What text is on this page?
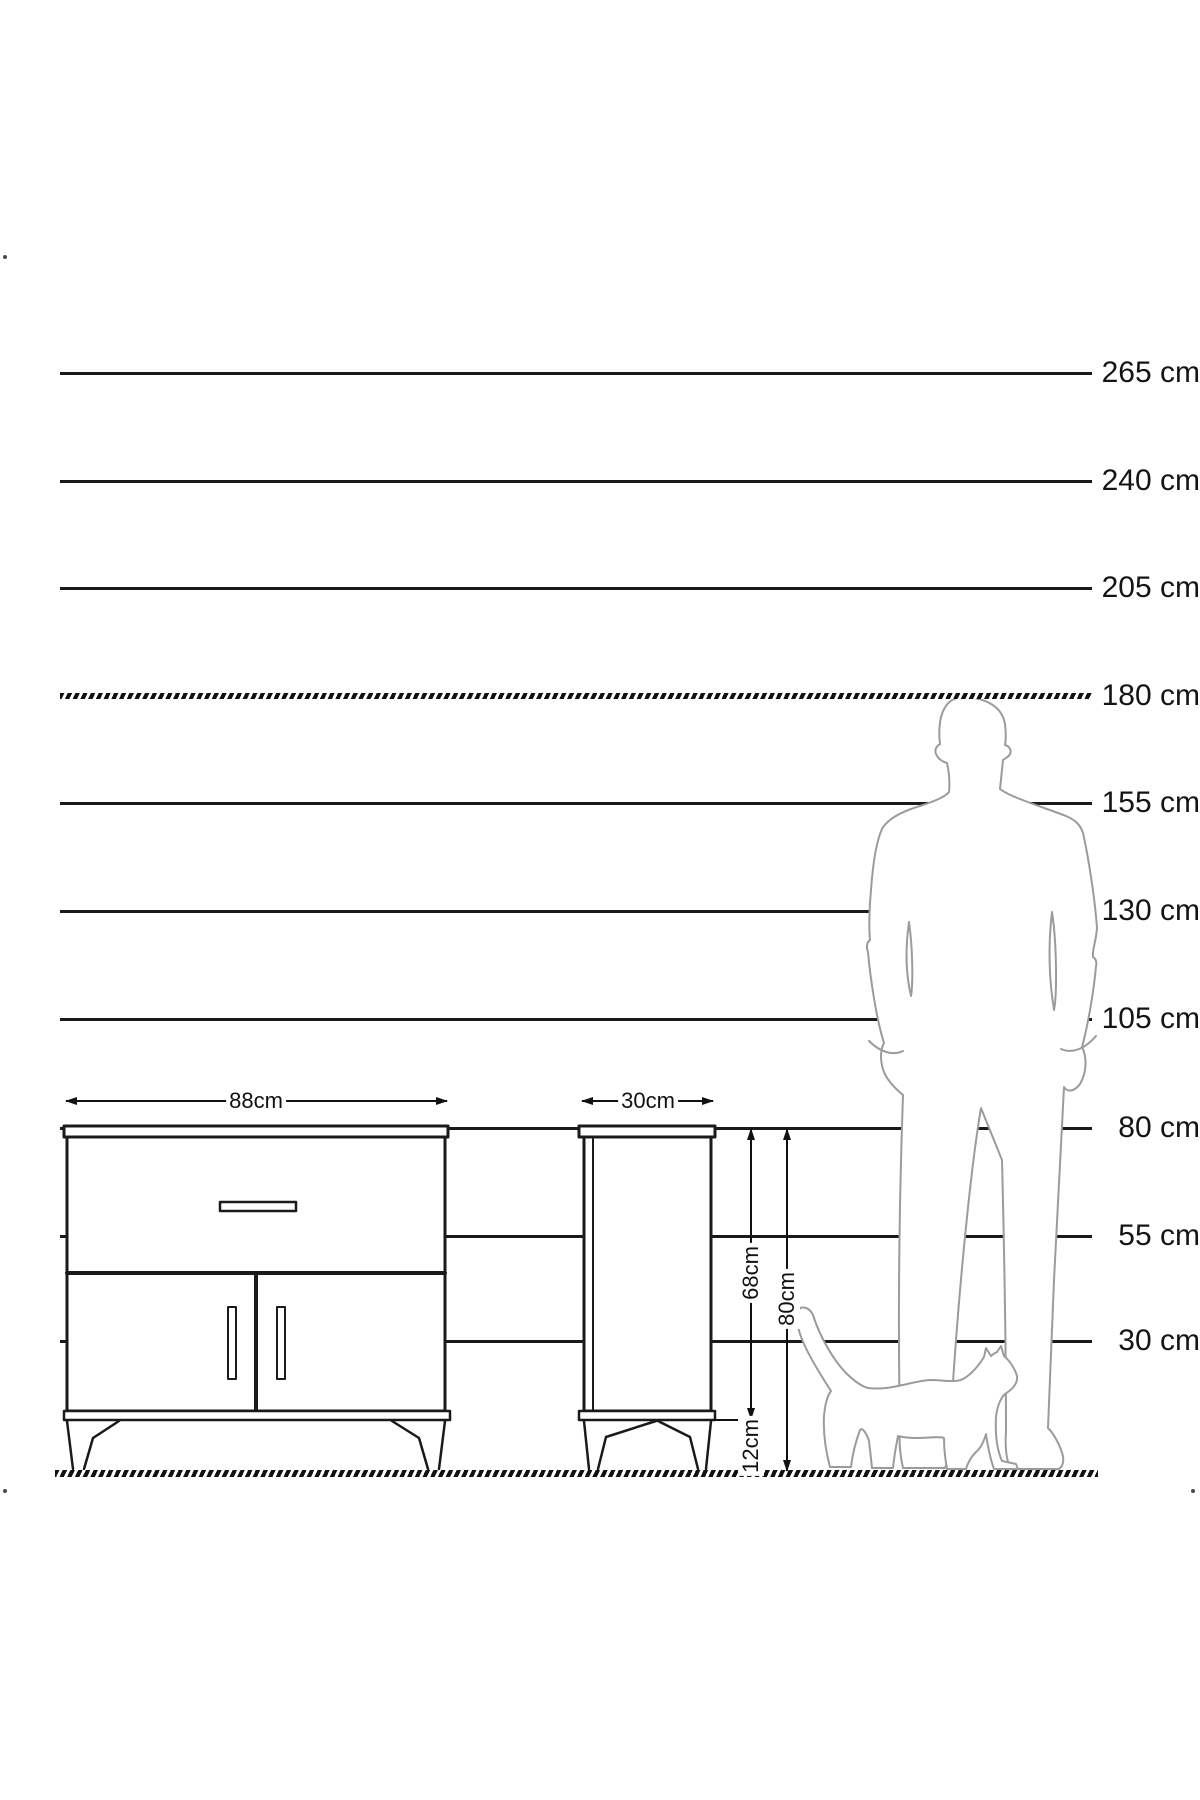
265 cm
240 cm
205 cm
180 cm
155 cm
130 cm
105 cm
80 cm
55 cm
30 cm
88cm	30cm
68cm 80cm
12cm
